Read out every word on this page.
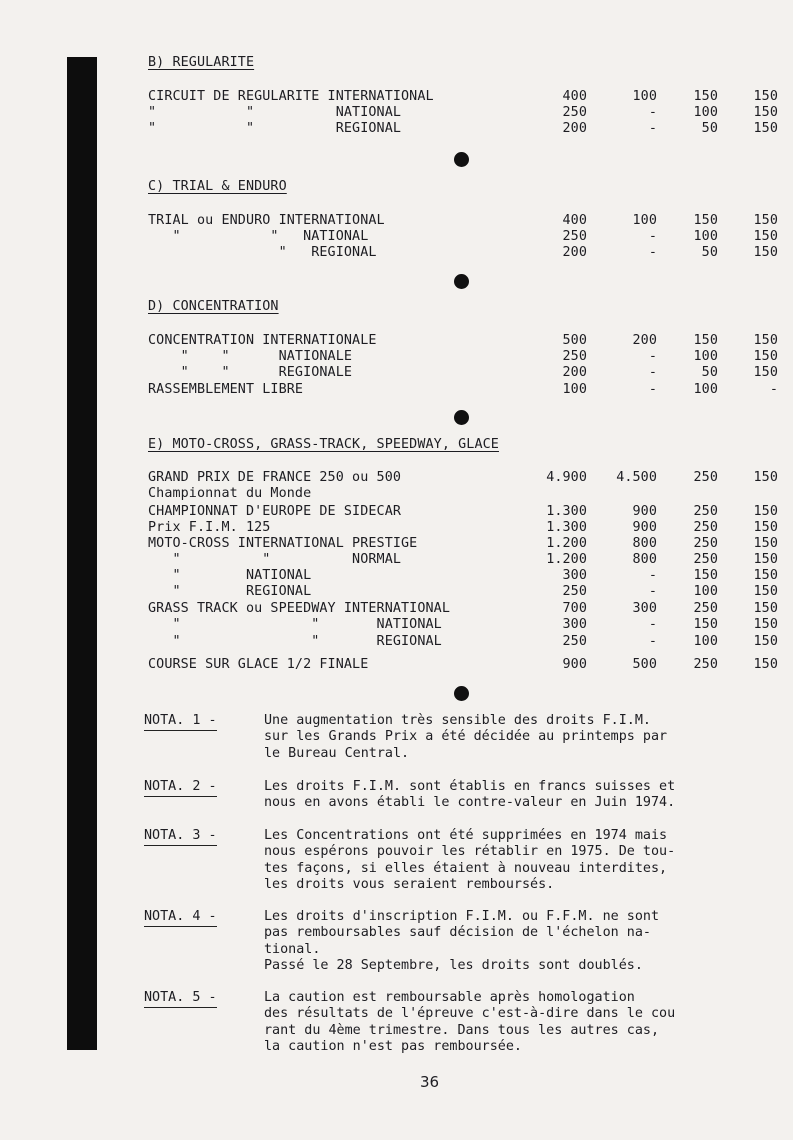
B) REGULARITE
CIRCUIT DE REGULARITE INTERNATIONAL	400	100	150	150
"           "          NATIONAL	250	-	100	150
"           "          REGIONAL	200	-	50	150
C) TRIAL & ENDURO
TRIAL ou ENDURO INTERNATIONAL	400	100	150	150
"           "   NATIONAL	250	-	100	150
"   REGIONAL	200	-	50	150
D) CONCENTRATION
CONCENTRATION INTERNATIONALE	500	200	150	150
"    "      NATIONALE	250	-	100	150
"    "      REGIONALE	200	-	50	150
RASSEMBLEMENT LIBRE	100	-	100	-
E) MOTO-CROSS, GRASS-TRACK, SPEEDWAY, GLACE
GRAND PRIX DE FRANCE 250 ou 500	4.900	4.500	250	150
Championnat du Monde
CHAMPIONNAT D'EUROPE DE SIDECAR	1.300	900	250	150
Prix F.I.M. 125	1.300	900	250	150
MOTO-CROSS INTERNATIONAL PRESTIGE	1.200	800	250	150
"          "          NORMAL	1.200	800	250	150
"        NATIONAL	300	-	150	150
"        REGIONAL	250	-	100	150
GRASS TRACK ou SPEEDWAY INTERNATIONAL	700	300	250	150
"                "       NATIONAL	300	-	150	150
"                "       REGIONAL	250	-	100	150
COURSE SUR GLACE 1/2 FINALE	900	500	250	150
NOTA. 1 -	Une augmentation très sensible des droits F.I.M.
sur les Grands Prix a été décidée au printemps par
le Bureau Central.
NOTA. 2 -	Les droits F.I.M. sont établis en francs suisses et
nous en avons établi le contre-valeur en Juin 1974.
NOTA. 3 -	Les Concentrations ont été supprimées en 1974 mais
nous espérons pouvoir les rétablir en 1975. De tou-
tes façons, si elles étaient à nouveau interdites,
les droits vous seraient remboursés.
NOTA. 4 -	Les droits d'inscription F.I.M. ou F.F.M. ne sont
pas remboursables sauf décision de l'échelon na-
tional.
Passé le 28 Septembre, les droits sont doublés.
NOTA. 5 -	La caution est remboursable après homologation
des résultats de l'épreuve c'est-à-dire dans le cou
rant du 4ème trimestre. Dans tous les autres cas,
la caution n'est pas remboursée.
36
